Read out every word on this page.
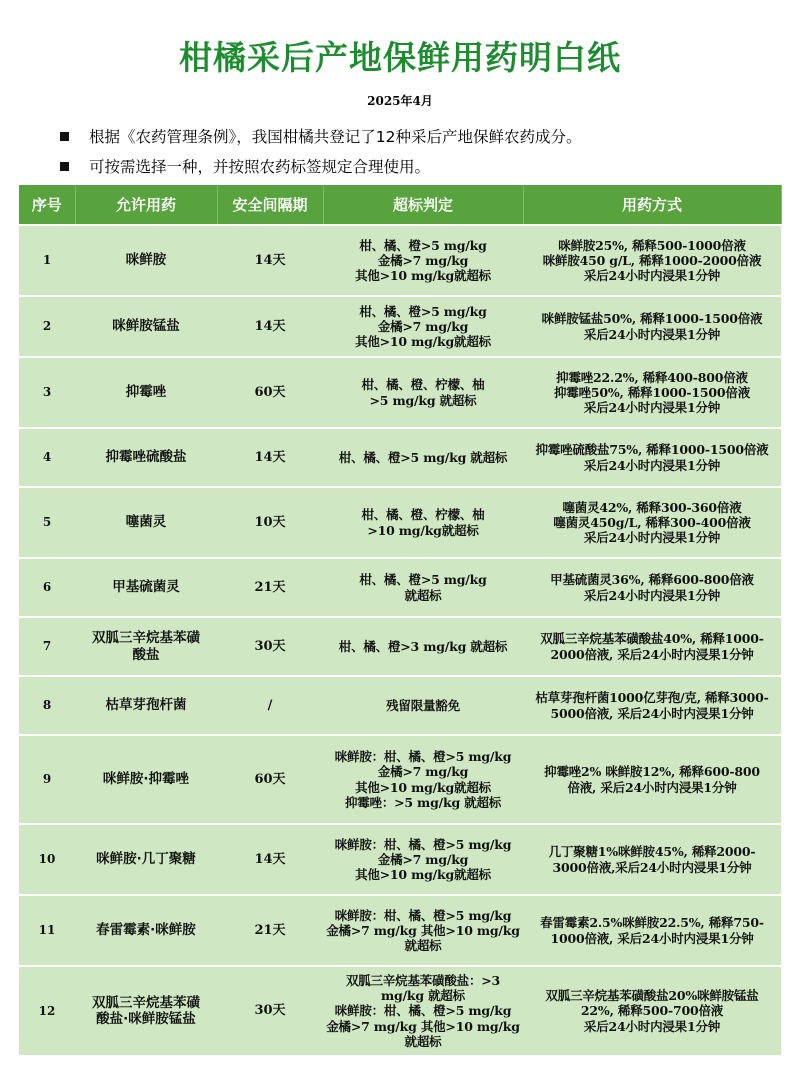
柑橘采后产地保鲜用药明白纸
2025年4月
根据《农药管理条例》，我国柑橘共登记了12种采后产地保鲜农药成分。
可按需选择一种，并按照农药标签规定合理使用。
序号	允许用药	安全间隔期	超标判定	用药方式
1	咪鲜胺	14天	柑、橘、橙>5 mg/kg
金橘>7 mg/kg
其他>10 mg/kg就超标	咪鲜胺25%, 稀释500-1000倍液
咪鲜胺450 g/L, 稀释1000-2000倍液
采后24小时内浸果1分钟

2	咪鲜胺锰盐	14天	柑、橘、橙>5 mg/kg
金橘>7 mg/kg
其他>10 mg/kg就超标	咪鲜胺锰盐50%, 稀释1000-1500倍液
采后24小时内浸果1分钟

3	抑霉唑	60天	柑、橘、橙、柠檬、柚
>5 mg/kg 就超标	抑霉唑22.2%, 稀释400-800倍液
抑霉唑50%, 稀释1000-1500倍液
采后24小时内浸果1分钟

4	抑霉唑硫酸盐	14天	柑、橘、橙>5 mg/kg 就超标	抑霉唑硫酸盐75%, 稀释1000-1500倍液
采后24小时内浸果1分钟

5	噻菌灵	10天	柑、橘、橙、柠檬、柚
>10 mg/kg就超标	噻菌灵42%, 稀释300-360倍液
噻菌灵450g/L, 稀释300-400倍液
采后24小时内浸果1分钟

6	甲基硫菌灵	21天	柑、橘、橙>5 mg/kg
就超标	甲基硫菌灵36%, 稀释600-800倍液
采后24小时内浸果1分钟

7	双胍三辛烷基苯磺酸盐	30天	柑、橘、橙>3 mg/kg 就超标	双胍三辛烷基苯磺酸盐40%, 稀释1000-
2000倍液, 采后24小时内浸果1分钟

8	枯草芽孢杆菌	/	残留限量豁免	枯草芽孢杆菌1000亿芽孢/克, 稀释3000-
5000倍液, 采后24小时内浸果1分钟

9	咪鲜胺·抑霉唑	60天	咪鲜胺：柑、橘、橙>5 mg/kg
金橘>7 mg/kg
其他>10 mg/kg就超标
抑霉唑：>5 mg/kg 就超标	抑霉唑2% 咪鲜胺12%, 稀释600-800
倍液, 采后24小时内浸果1分钟

10	咪鲜胺·几丁聚糖	14天	咪鲜胺：柑、橘、橙>5 mg/kg
金橘>7 mg/kg
其他>10 mg/kg就超标	几丁聚糖1%咪鲜胺45%, 稀释2000-
3000倍液,采后24小时内浸果1分钟

11	春雷霉素·咪鲜胺	21天	咪鲜胺：柑、橘、橙>5 mg/kg
金橘>7 mg/kg 其他>10 mg/kg
就超标	春雷霉素2.5%咪鲜胺22.5%, 稀释750-
1000倍液, 采后24小时内浸果1分钟

12	双胍三辛烷基苯磺酸盐·咪鲜胺锰盐	30天	双胍三辛烷基苯磺酸盐：>3
mg/kg 就超标
咪鲜胺：柑、橘、橙>5 mg/kg
金橘>7 mg/kg 其他>10 mg/kg
就超标	双胍三辛烷基苯磺酸盐20%咪鲜胺锰盐
22%, 稀释500-700倍液
采后24小时内浸果1分钟
